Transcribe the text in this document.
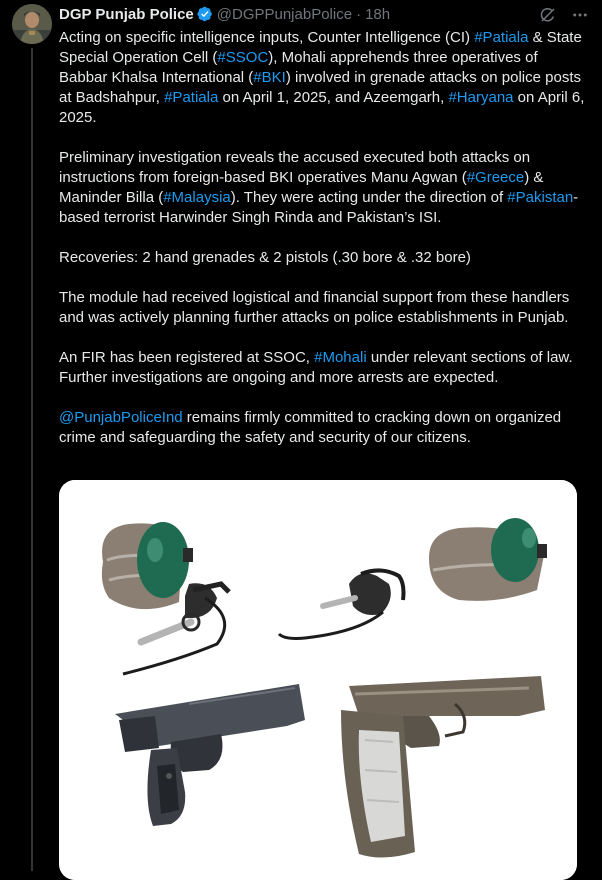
DGP Punjab Police @DGPPunjabPolice · 18h

Acting on specific intelligence inputs, Counter Intelligence (CI) #Patiala & State Special Operation Cell (#SSOC), Mohali apprehends three operatives of Babbar Khalsa International (#BKI) involved in grenade attacks on police posts at Badshahpur, #Patiala on April 1, 2025, and Azeemgarh, #Haryana on April 6, 2025.

Preliminary investigation reveals the accused executed both attacks on instructions from foreign-based BKI operatives Manu Agwan (#Greece) & Maninder Billa (#Malaysia). They were acting under the direction of #Pakistan-based terrorist Harwinder Singh Rinda and Pakistan’s ISI.

Recoveries: 2 hand grenades & 2 pistols (.30 bore & .32 bore)

The module had received logistical and financial support from these handlers and was actively planning further attacks on police establishments in Punjab.

An FIR has been registered at SSOC, #Mohali under relevant sections of law. Further investigations are ongoing and more arrests are expected.

@PunjabPoliceInd remains firmly committed to cracking down on organized crime and safeguarding the safety and security of our citizens.
